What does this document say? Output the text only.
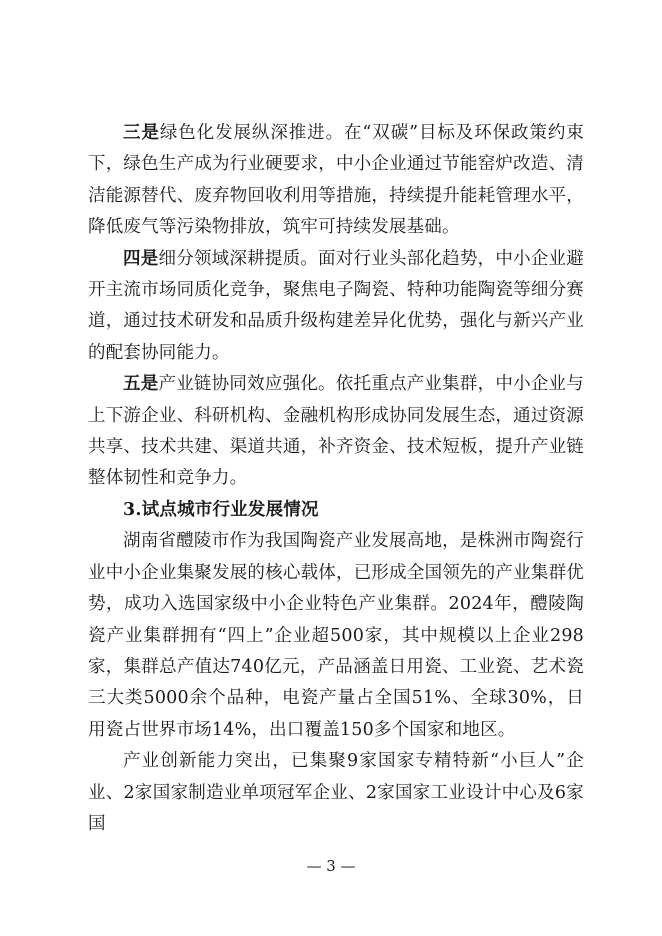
三是绿色化发展纵深推进。在“双碳”目标及环保政策约束下，绿色生产成为行业硬要求，中小企业通过节能窑炉改造、清洁能源替代、废弃物回收利用等措施，持续提升能耗管理水平，降低废气等污染物排放，筑牢可持续发展基础。

四是细分领域深耕提质。面对行业头部化趋势，中小企业避开主流市场同质化竞争，聚焦电子陶瓷、特种功能陶瓷等细分赛道，通过技术研发和品质升级构建差异化优势，强化与新兴产业的配套协同能力。

五是产业链协同效应强化。依托重点产业集群，中小企业与上下游企业、科研机构、金融机构形成协同发展生态，通过资源共享、技术共建、渠道共通，补齐资金、技术短板，提升产业链整体韧性和竞争力。

3.试点城市行业发展情况

湖南省醴陵市作为我国陶瓷产业发展高地，是株洲市陶瓷行业中小企业集聚发展的核心载体，已形成全国领先的产业集群优势，成功入选国家级中小企业特色产业集群。2024年，醴陵陶瓷产业集群拥有“四上”企业超500家，其中规模以上企业298家，集群总产值达740亿元，产品涵盖日用瓷、工业瓷、艺术瓷三大类5000余个品种，电瓷产量占全国51%、全球30%，日用瓷占世界市场14%，出口覆盖150多个国家和地区。

产业创新能力突出，已集聚9家国家专精特新“小巨人”企业、2家国家制造业单项冠军企业、2家国家工业设计中心及6家国

— 3 —
